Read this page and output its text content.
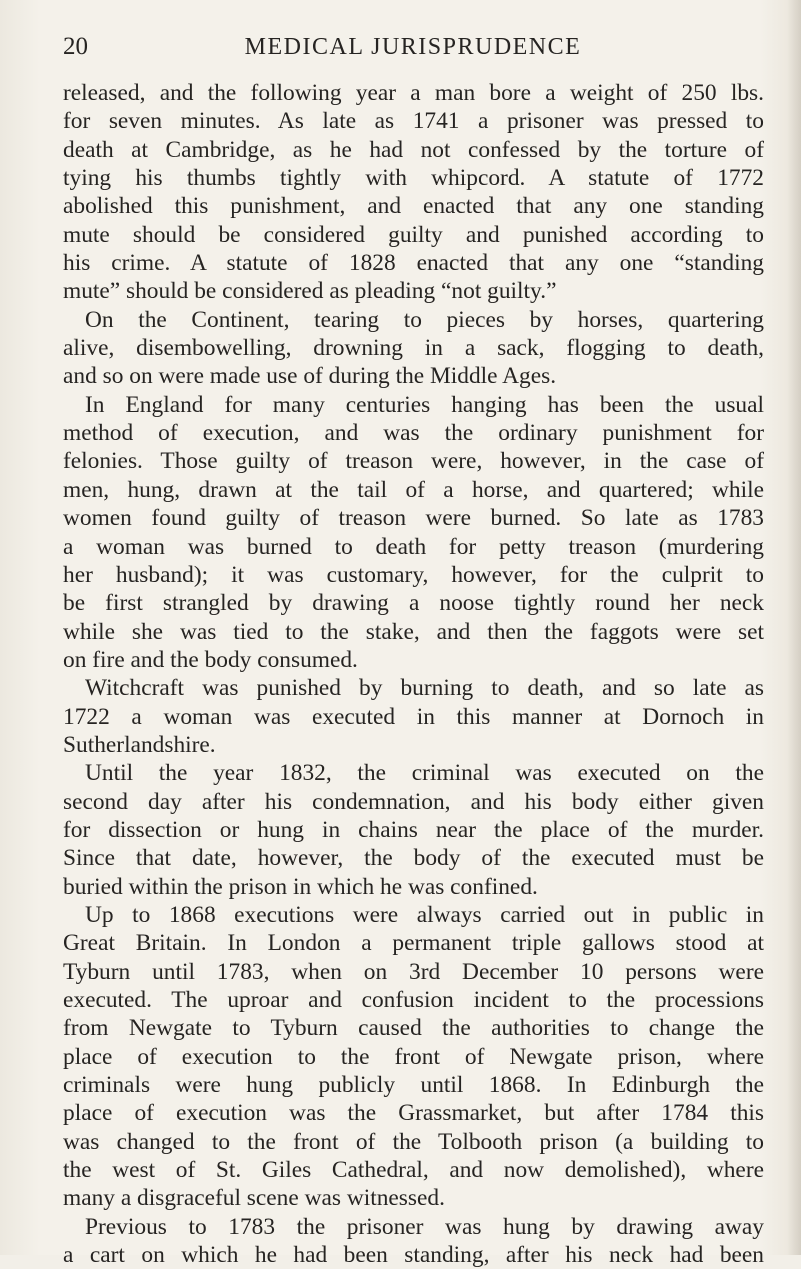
20	MEDICAL JURISPRUDENCE
released, and the following year a man bore a weight of 250 lbs.
for seven minutes. As late as 1741 a prisoner was pressed to
death at Cambridge, as he had not confessed by the torture of
tying his thumbs tightly with whipcord. A statute of 1772
abolished this punishment, and enacted that any one standing
mute should be considered guilty and punished according to
his crime. A statute of 1828 enacted that any one “standing
mute” should be considered as pleading “not guilty.”
On the Continent, tearing to pieces by horses, quartering
alive, disembowelling, drowning in a sack, flogging to death,
and so on were made use of during the Middle Ages.
In England for many centuries hanging has been the usual
method of execution, and was the ordinary punishment for
felonies. Those guilty of treason were, however, in the case of
men, hung, drawn at the tail of a horse, and quartered; while
women found guilty of treason were burned. So late as 1783
a woman was burned to death for petty treason (murdering
her husband); it was customary, however, for the culprit to
be first strangled by drawing a noose tightly round her neck
while she was tied to the stake, and then the faggots were set
on fire and the body consumed.
Witchcraft was punished by burning to death, and so late as
1722 a woman was executed in this manner at Dornoch in
Sutherlandshire.
Until the year 1832, the criminal was executed on the
second day after his condemnation, and his body either given
for dissection or hung in chains near the place of the murder.
Since that date, however, the body of the executed must be
buried within the prison in which he was confined.
Up to 1868 executions were always carried out in public in
Great Britain. In London a permanent triple gallows stood at
Tyburn until 1783, when on 3rd December 10 persons were
executed. The uproar and confusion incident to the processions
from Newgate to Tyburn caused the authorities to change the
place of execution to the front of Newgate prison, where
criminals were hung publicly until 1868. In Edinburgh the
place of execution was the Grassmarket, but after 1784 this
was changed to the front of the Tolbooth prison (a building to
the west of St. Giles Cathedral, and now demolished), where
many a disgraceful scene was witnessed.
Previous to 1783 the prisoner was hung by drawing away
a cart on which he had been standing, after his neck had been
